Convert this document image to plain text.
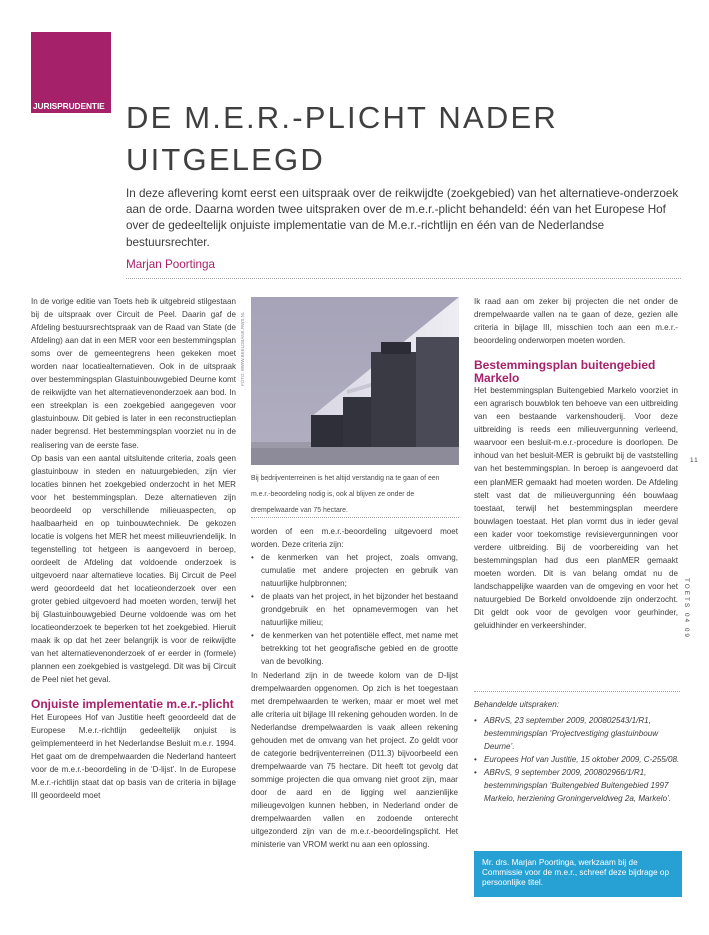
JURISPRUDENTIE DE M.E.R.-PLICHT NADER
UITGELEGD

In deze aflevering komt eerst een uitspraak over de reikwijdte (zoekgebied) van het alternatieve-onderzoek aan de orde. Daarna worden twee uitspraken over de m.e.r.-plicht behandeld: één van het Europese Hof over de gedeeltelijk onjuiste implementatie van de M.e.r.-richtlijn en één van de Nederlandse bestuursrechter.

Marjan Poortinga

In de vorige editie van Toets heb ik uitgebreid stilgestaan bij de uitspraak over Circuit de Peel. Daarin gaf de Afdeling bestuursrechtspraak van de Raad van State (de Afdeling) aan dat in een MER voor een bestemmingsplan soms over de gemeentegrens heen gekeken moet worden naar locatiealternatieven. Ook in de uitspraak over bestemmingsplan Glastuinbouwgebied Deurne komt de reikwijdte van het alternatievenonderzoek aan bod. In een streekplan is een zoekgebied aangegeven voor glastuinbouw. Dit gebied is later in een reconstructieplan nader begrensd. Het bestemmingsplan voorziet nu in de realisering van de eerste fase.

Op basis van een aantal uitsluitende criteria, zoals geen glastuinbouw in steden en natuurgebieden, zijn vier locaties binnen het zoekgebied onderzocht in het MER voor het bestemmingsplan. Deze alternatieven zijn beoordeeld op verschillende milieuaspecten, op haalbaarheid en op tuinbouwtechniek. De gekozen locatie is volgens het MER het meest milieuvriendelijk. In tegenstelling tot hetgeen is aangevoerd in beroep, oordeelt de Afdeling dat voldoende onderzoek is uitgevoerd naar alternatieve locaties. Bij Circuit de Peel werd geoordeeld dat het locatieonderzoek over een groter gebied uitgevoerd had moeten worden, terwijl het bij Glastuinbouwgebied Deurne voldoende was om het locatieonderzoek te beperken tot het zoekgebied. Hieruit maak ik op dat het zeer belangrijk is voor de reikwijdte van het alternatievenonderzoek of er eerder in (formele) plannen een zoekgebied is vastgelegd. Dit was bij Circuit de Peel niet het geval.

Onjuiste implementatie m.e.r.-plicht

Het Europees Hof van Justitie heeft geoordeeld dat de Europese M.e.r.-richtlijn gedeeltelijk onjuist is geïmplementeerd in het Nederlandse Besluit m.e.r. 1994. Het gaat om de drempelwaarden die Nederland hanteert voor de m.e.r.-beoordeling in de ‘D-lijst’. In de Europese M.e.r.-richtlijn staat dat op basis van de criteria in bijlage III geoordeeld moet

FOTO: WWW.BEELDBANK.RWS.NL
Bij bedrijventerreinen is het altijd verstandig na te gaan of een m.e.r.-beoordeling nodig is, ook al blijven ze onder de drempelwaarde van 75 hectare.

worden of een m.e.r.-beoordeling uitgevoerd moet worden. Deze criteria zijn:

• de kenmerken van het project, zoals omvang, cumulatie met andere projecten en gebruik van natuurlijke hulpbronnen;
• de plaats van het project, in het bijzonder het bestaand grondgebruik en het opnamevermogen van het natuurlijke milieu;
• de kenmerken van het potentiële effect, met name met betrekking tot het geografische gebied en de grootte van de bevolking.

In Nederland zijn in de tweede kolom van de D-lijst drempelwaarden opgenomen. Op zich is het toegestaan met drempelwaarden te werken, maar er moet wel met alle criteria uit bijlage III rekening gehouden worden. In de Nederlandse drempelwaarden is vaak alleen rekening gehouden met de omvang van het project. Zo geldt voor de categorie bedrijventerreinen (D11.3) bijvoorbeeld een drempelwaarde van 75 hectare. Dit heeft tot gevolg dat sommige projecten die qua omvang niet groot zijn, maar door de aard en de ligging wel aanzienlijke milieugevolgen kunnen hebben, in Nederland onder de drempelwaarden vallen en zodoende onterecht uitgezonderd zijn van de m.e.r.-beoordelingsplicht. Het ministerie van VROM werkt nu aan een oplossing.

Ik raad aan om zeker bij projecten die net onder de drempelwaarde vallen na te gaan of deze, gezien alle criteria in bijlage III, misschien toch aan een m.e.r.-beoordeling onderworpen moeten worden.

Bestemmingsplan buitengebied Markelo

Het bestemmingsplan Buitengebied Markelo voorziet in een agrarisch bouwblok ten behoeve van een uitbreiding van een bestaande varkenshouderij. Voor deze uitbreiding is reeds een milieuvergunning verleend, waarvoor een besluit-m.e.r.-procedure is doorlopen. De inhoud van het besluit-MER is gebruikt bij de vaststelling van het bestemmingsplan. In beroep is aangevoerd dat een planMER gemaakt had moeten worden. De Afdeling stelt vast dat de milieuvergunning één bouwlaag toestaat, terwijl het bestemmingsplan meerdere bouwlagen toestaat. Het plan vormt dus in ieder geval een kader voor toekomstige revisievergunningen voor verdere uitbreiding. Bij de voorbereiding van het bestemmingsplan had dus een planMER gemaakt moeten worden. Dit is van belang omdat nu de landschappelijke waarden van de omgeving en voor het natuurgebied De Borkeld onvoldoende zijn onderzocht. Dit geldt ook voor de gevolgen voor geurhinder, geluidhinder en verkeershinder.

Behandelde uitspraken:
• ABRvS, 23 september 2009, 200802543/1/R1, bestemmingsplan ‘Projectvestiging glastuinbouw Deurne’.
• Europees Hof van Justitie, 15 oktober 2009, C-255/08.
• ABRvS, 9 september 2009, 200802966/1/R1, bestemmingsplan ‘Buitengebied Buitengebied 1997 Markelo, herziening Groningerveldweg 2a, Markelo’.
Mr. drs. Marjan Poortinga, werkzaam bij de Commissie voor de m.e.r., schreef deze bijdrage op persoonlijke titel.
11
TOETS 04 09
